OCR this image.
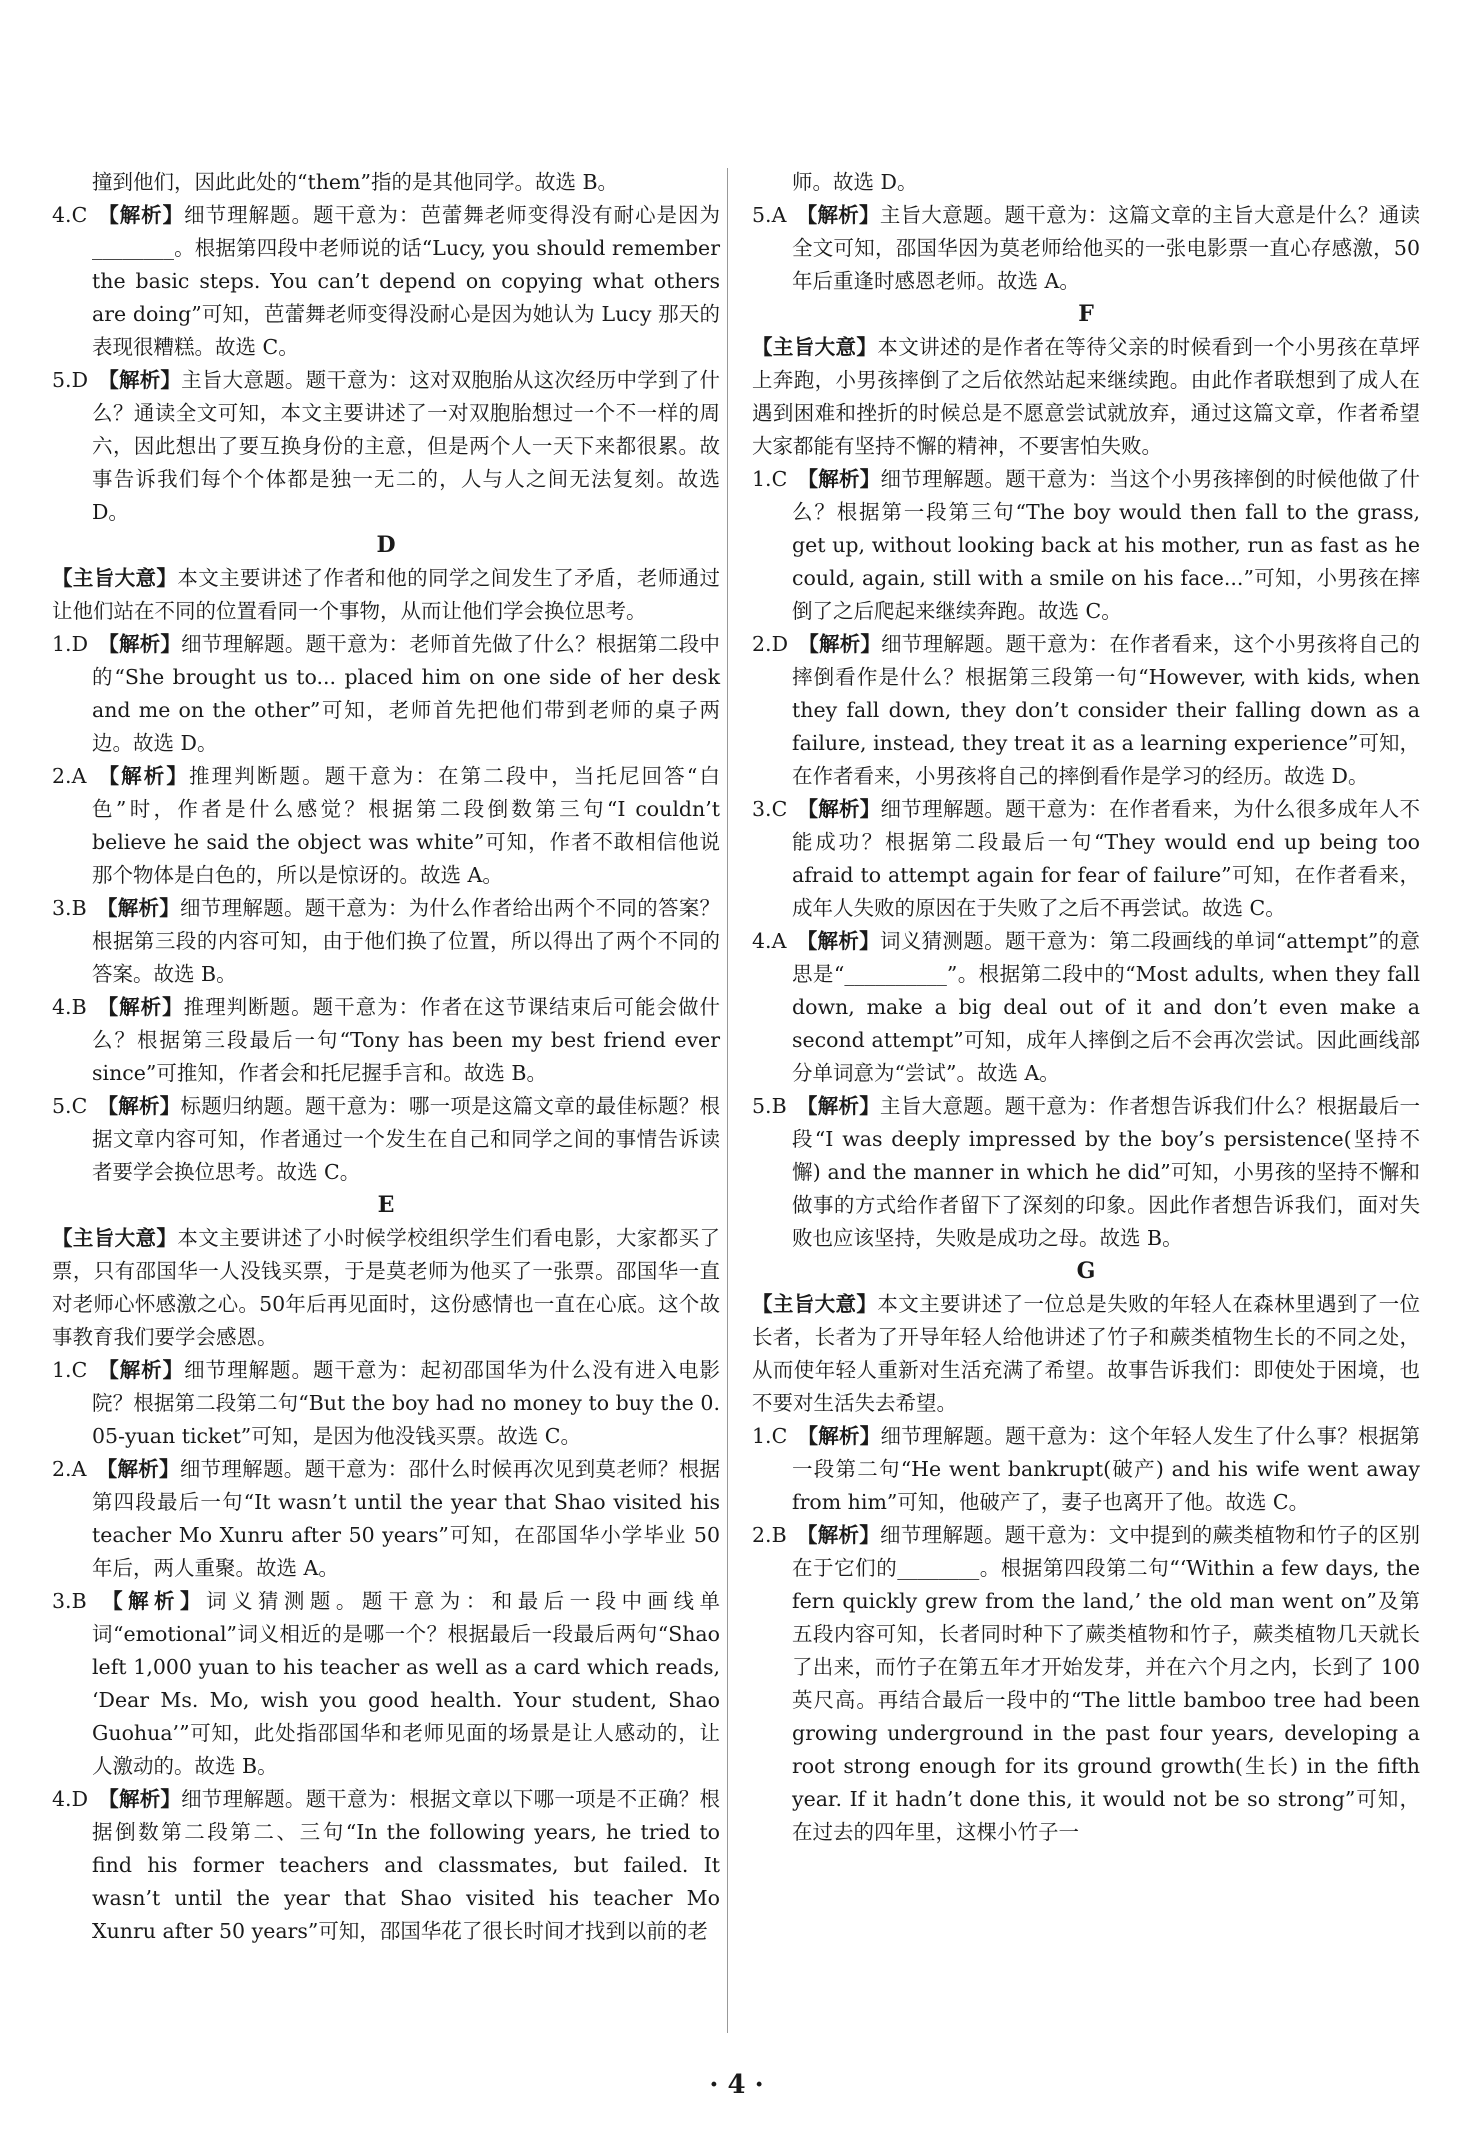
撞到他们，因此此处的“them”指的是其他同学。故选 B。

4.C 【解析】细节理解题。题干意为：芭蕾舞老师变得没有耐心是因为________。根据第四段中老师说的话“Lucy, you should remember the basic steps. You can’t depend on copying what others are doing”可知，芭蕾舞老师变得没耐心是因为她认为 Lucy 那天的表现很糟糕。故选 C。

5.D 【解析】主旨大意题。题干意为：这对双胞胎从这次经历中学到了什么？通读全文可知，本文主要讲述了一对双胞胎想过一个不一样的周六，因此想出了要互换身份的主意，但是两个人一天下来都很累。故事告诉我们每个个体都是独一无二的，人与人之间无法复刻。故选 D。

D

【主旨大意】本文主要讲述了作者和他的同学之间发生了矛盾，老师通过让他们站在不同的位置看同一个事物，从而让他们学会换位思考。

1.D 【解析】细节理解题。题干意为：老师首先做了什么？根据第二段中的“She brought us to... placed him on one side of her desk and me on the other”可知，老师首先把他们带到老师的桌子两边。故选 D。

2.A 【解析】推理判断题。题干意为：在第二段中，当托尼回答“白色”时，作者是什么感觉？根据第二段倒数第三句“I couldn’t believe he said the object was white”可知，作者不敢相信他说那个物体是白色的，所以是惊讶的。故选 A。

3.B 【解析】细节理解题。题干意为：为什么作者给出两个不同的答案？根据第三段的内容可知，由于他们换了位置，所以得出了两个不同的答案。故选 B。

4.B 【解析】推理判断题。题干意为：作者在这节课结束后可能会做什么？根据第三段最后一句“Tony has been my best friend ever since”可推知，作者会和托尼握手言和。故选 B。

5.C 【解析】标题归纳题。题干意为：哪一项是这篇文章的最佳标题？根据文章内容可知，作者通过一个发生在自己和同学之间的事情告诉读者要学会换位思考。故选 C。

E

【主旨大意】本文主要讲述了小时候学校组织学生们看电影，大家都买了票，只有邵国华一人没钱买票，于是莫老师为他买了一张票。邵国华一直对老师心怀感激之心。50年后再见面时，这份感情也一直在心底。这个故事教育我们要学会感恩。

1.C 【解析】细节理解题。题干意为：起初邵国华为什么没有进入电影院？根据第二段第二句“But the boy had no money to buy the 0. 05-yuan ticket”可知，是因为他没钱买票。故选 C。

2.A 【解析】细节理解题。题干意为：邵什么时候再次见到莫老师？根据第四段最后一句“It wasn’t until the year that Shao visited his teacher Mo Xunru after 50 years”可知，在邵国华小学毕业 50 年后，两人重聚。故选 A。

3.B 【解析】词义猜测题。题干意为：和最后一段中画线单词“emotional”词义相近的是哪一个？根据最后一段最后两句“Shao left 1,000 yuan to his teacher as well as a card which reads, ‘Dear Ms. Mo, wish you good health. Your student, Shao Guohua’”可知，此处指邵国华和老师见面的场景是让人感动的，让人激动的。故选 B。

4.D 【解析】细节理解题。题干意为：根据文章以下哪一项是不正确？根据倒数第二段第二、三句“In the following years, he tried to find his former teachers and classmates, but failed. It wasn’t until the year that Shao visited his teacher Mo Xunru after 50 years”可知，邵国华花了很长时间才找到以前的老

师。故选 D。

5.A 【解析】主旨大意题。题干意为：这篇文章的主旨大意是什么？通读全文可知，邵国华因为莫老师给他买的一张电影票一直心存感激，50 年后重逢时感恩老师。故选 A。

F

【主旨大意】本文讲述的是作者在等待父亲的时候看到一个小男孩在草坪上奔跑，小男孩摔倒了之后依然站起来继续跑。由此作者联想到了成人在遇到困难和挫折的时候总是不愿意尝试就放弃，通过这篇文章，作者希望大家都能有坚持不懈的精神，不要害怕失败。

1.C 【解析】细节理解题。题干意为：当这个小男孩摔倒的时候他做了什么？根据第一段第三句“The boy would then fall to the grass, get up, without looking back at his mother, run as fast as he could, again, still with a smile on his face...”可知，小男孩在摔倒了之后爬起来继续奔跑。故选 C。

2.D 【解析】细节理解题。题干意为：在作者看来，这个小男孩将自己的摔倒看作是什么？根据第三段第一句“However, with kids, when they fall down, they don’t consider their falling down as a failure, instead, they treat it as a learning experience”可知，在作者看来，小男孩将自己的摔倒看作是学习的经历。故选 D。

3.C 【解析】细节理解题。题干意为：在作者看来，为什么很多成年人不能成功？根据第二段最后一句“They would end up being too afraid to attempt again for fear of failure”可知，在作者看来，成年人失败的原因在于失败了之后不再尝试。故选 C。

4.A 【解析】词义猜测题。题干意为：第二段画线的单词“attempt”的意思是“__________”。根据第二段中的“Most adults, when they fall down, make a big deal out of it and don’t even make a second attempt”可知，成年人摔倒之后不会再次尝试。因此画线部分单词意为“尝试”。故选 A。

5.B 【解析】主旨大意题。题干意为：作者想告诉我们什么？根据最后一段“I was deeply impressed by the boy’s persistence(坚持不懈) and the manner in which he did”可知，小男孩的坚持不懈和做事的方式给作者留下了深刻的印象。因此作者想告诉我们，面对失败也应该坚持，失败是成功之母。故选 B。

G

【主旨大意】本文主要讲述了一位总是失败的年轻人在森林里遇到了一位长者，长者为了开导年轻人给他讲述了竹子和蕨类植物生长的不同之处，从而使年轻人重新对生活充满了希望。故事告诉我们：即使处于困境，也不要对生活失去希望。

1.C 【解析】细节理解题。题干意为：这个年轻人发生了什么事？根据第一段第二句“He went bankrupt(破产) and his wife went away from him”可知，他破产了，妻子也离开了他。故选 C。

2.B 【解析】细节理解题。题干意为：文中提到的蕨类植物和竹子的区别在于它们的________。根据第四段第二句“‘Within a few days, the fern quickly grew from the land,’ the old man went on”及第五段内容可知，长者同时种下了蕨类植物和竹子，蕨类植物几天就长了出来，而竹子在第五年才开始发芽，并在六个月之内，长到了 100 英尺高。再结合最后一段中的“The little bamboo tree had been growing underground in the past four years, developing a root strong enough for its ground growth(生长) in the fifth year. If it hadn’t done this, it would not be so strong”可知，在过去的四年里，这棵小竹子一

· 4 ·
